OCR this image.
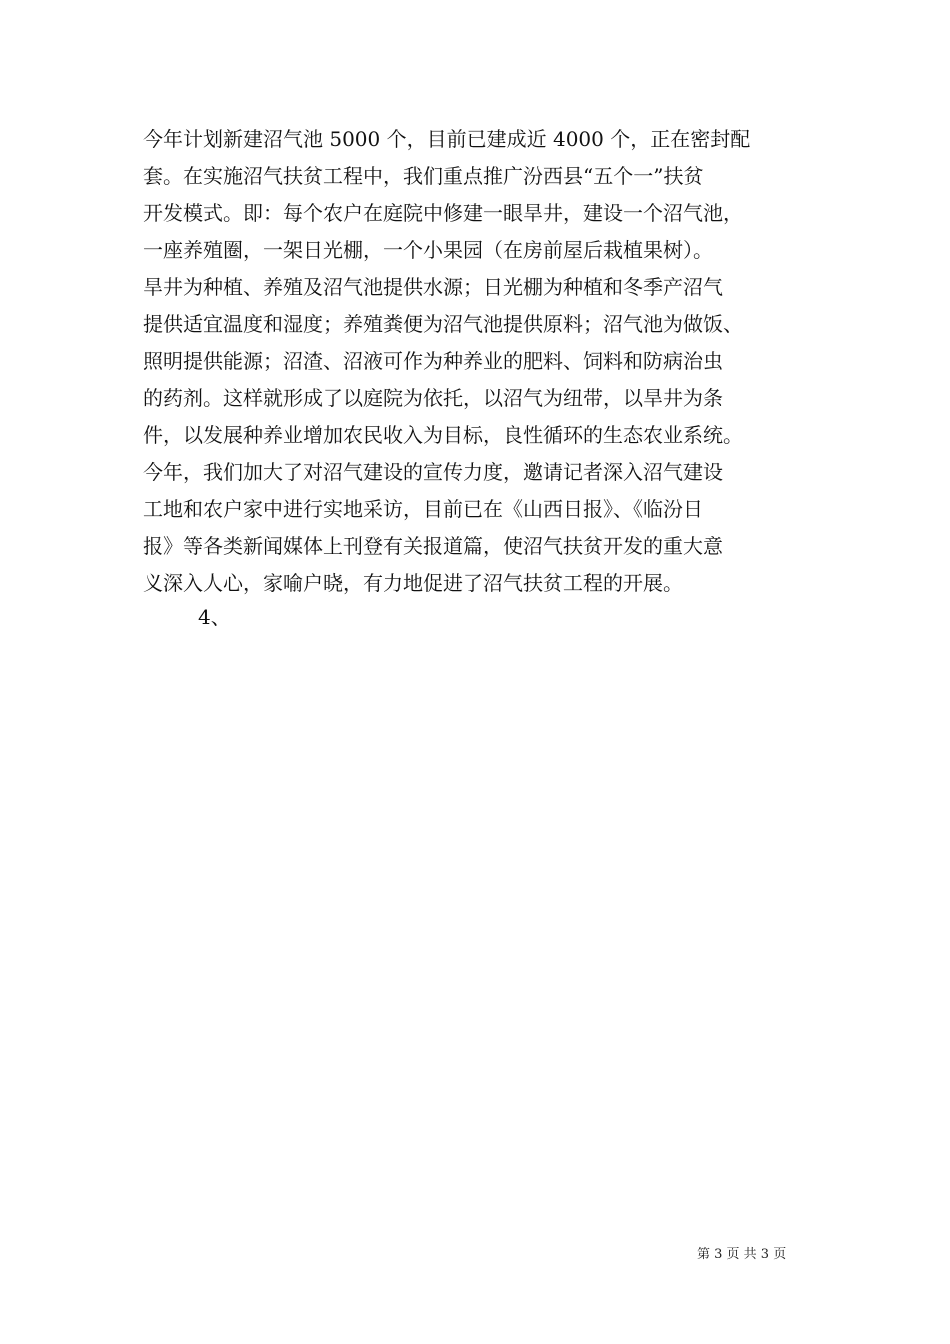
今年计划新建沼气池 5000 个，目前已建成近 4000 个，正在密封配
套。在实施沼气扶贫工程中，我们重点推广汾西县“五个一”扶贫
开发模式。即：每个农户在庭院中修建一眼旱井，建设一个沼气池，
一座养殖圈，一架日光棚，一个小果园（在房前屋后栽植果树）。
旱井为种植、养殖及沼气池提供水源；日光棚为种植和冬季产沼气
提供适宜温度和湿度；养殖粪便为沼气池提供原料；沼气池为做饭、
照明提供能源；沼渣、沼液可作为种养业的肥料、饲料和防病治虫
的药剂。这样就形成了以庭院为依托，以沼气为纽带，以旱井为条
件，以发展种养业增加农民收入为目标，良性循环的生态农业系统。
今年，我们加大了对沼气建设的宣传力度，邀请记者深入沼气建设
工地和农户家中进行实地采访，目前已在《山西日报》、《临汾日
报》等各类新闻媒体上刊登有关报道篇，使沼气扶贫开发的重大意
义深入人心，家喻户晓，有力地促进了沼气扶贫工程的开展。
4、
第 3 页 共 3 页
